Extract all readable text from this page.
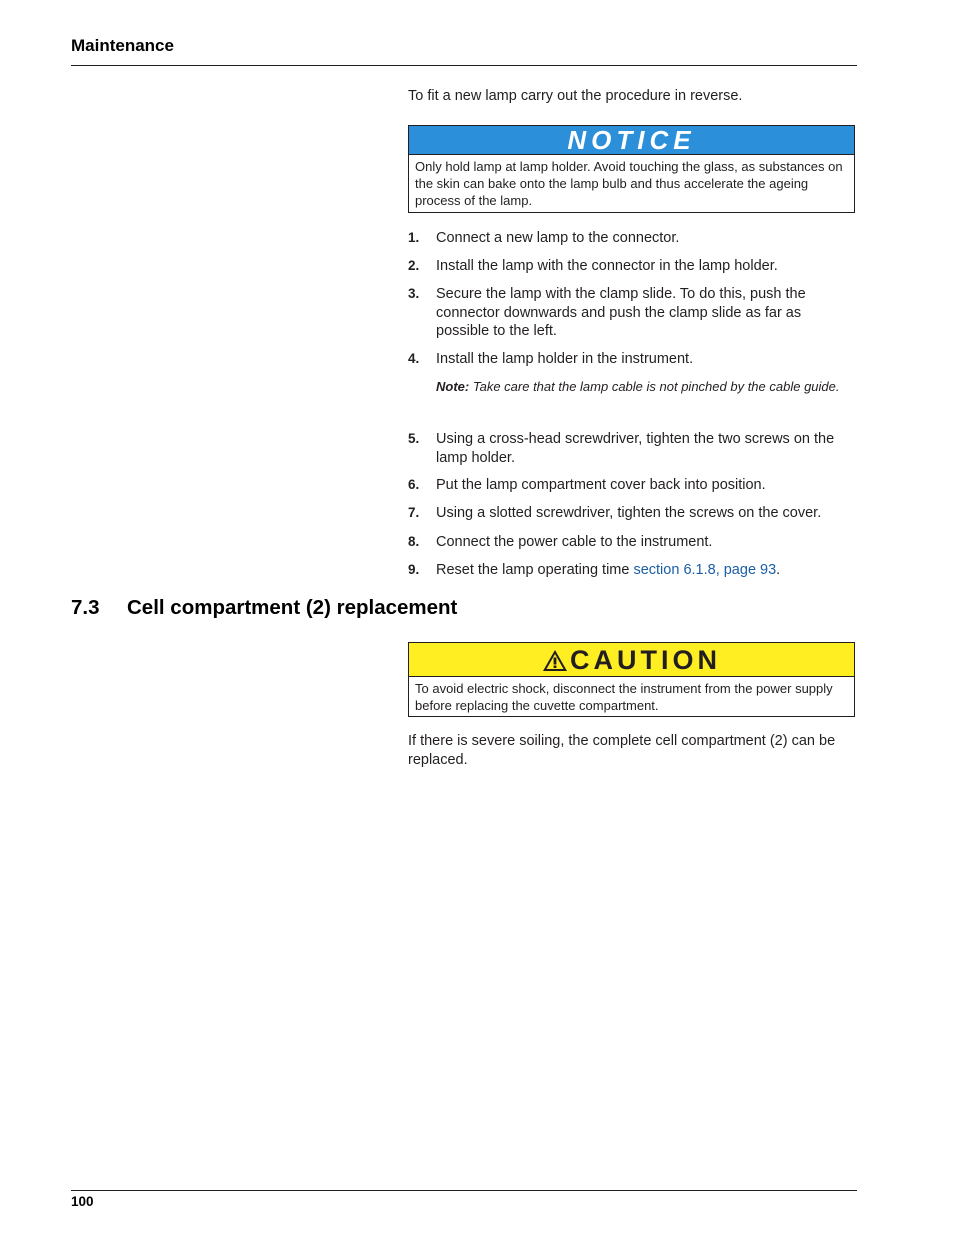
Maintenance
To fit a new lamp carry out the procedure in reverse.
NOTICE
Only hold lamp at lamp holder. Avoid touching the glass, as substances on the skin can bake onto the lamp bulb and thus accelerate the ageing process of the lamp.
1. Connect a new lamp to the connector.
2. Install the lamp with the connector in the lamp holder.
3. Secure the lamp with the clamp slide. To do this, push the connector downwards and push the clamp slide as far as possible to the left.
4. Install the lamp holder in the instrument.
Note: Take care that the lamp cable is not pinched by the cable guide.
5. Using a cross-head screwdriver, tighten the two screws on the lamp holder.
6. Put the lamp compartment cover back into position.
7. Using a slotted screwdriver, tighten the screws on the cover.
8. Connect the power cable to the instrument.
9. Reset the lamp operating time section 6.1.8, page 93.
7.3 Cell compartment (2) replacement
CAUTION
To avoid electric shock, disconnect the instrument from the power supply before replacing the cuvette compartment.
If there is severe soiling, the complete cell compartment (2) can be replaced.
100
